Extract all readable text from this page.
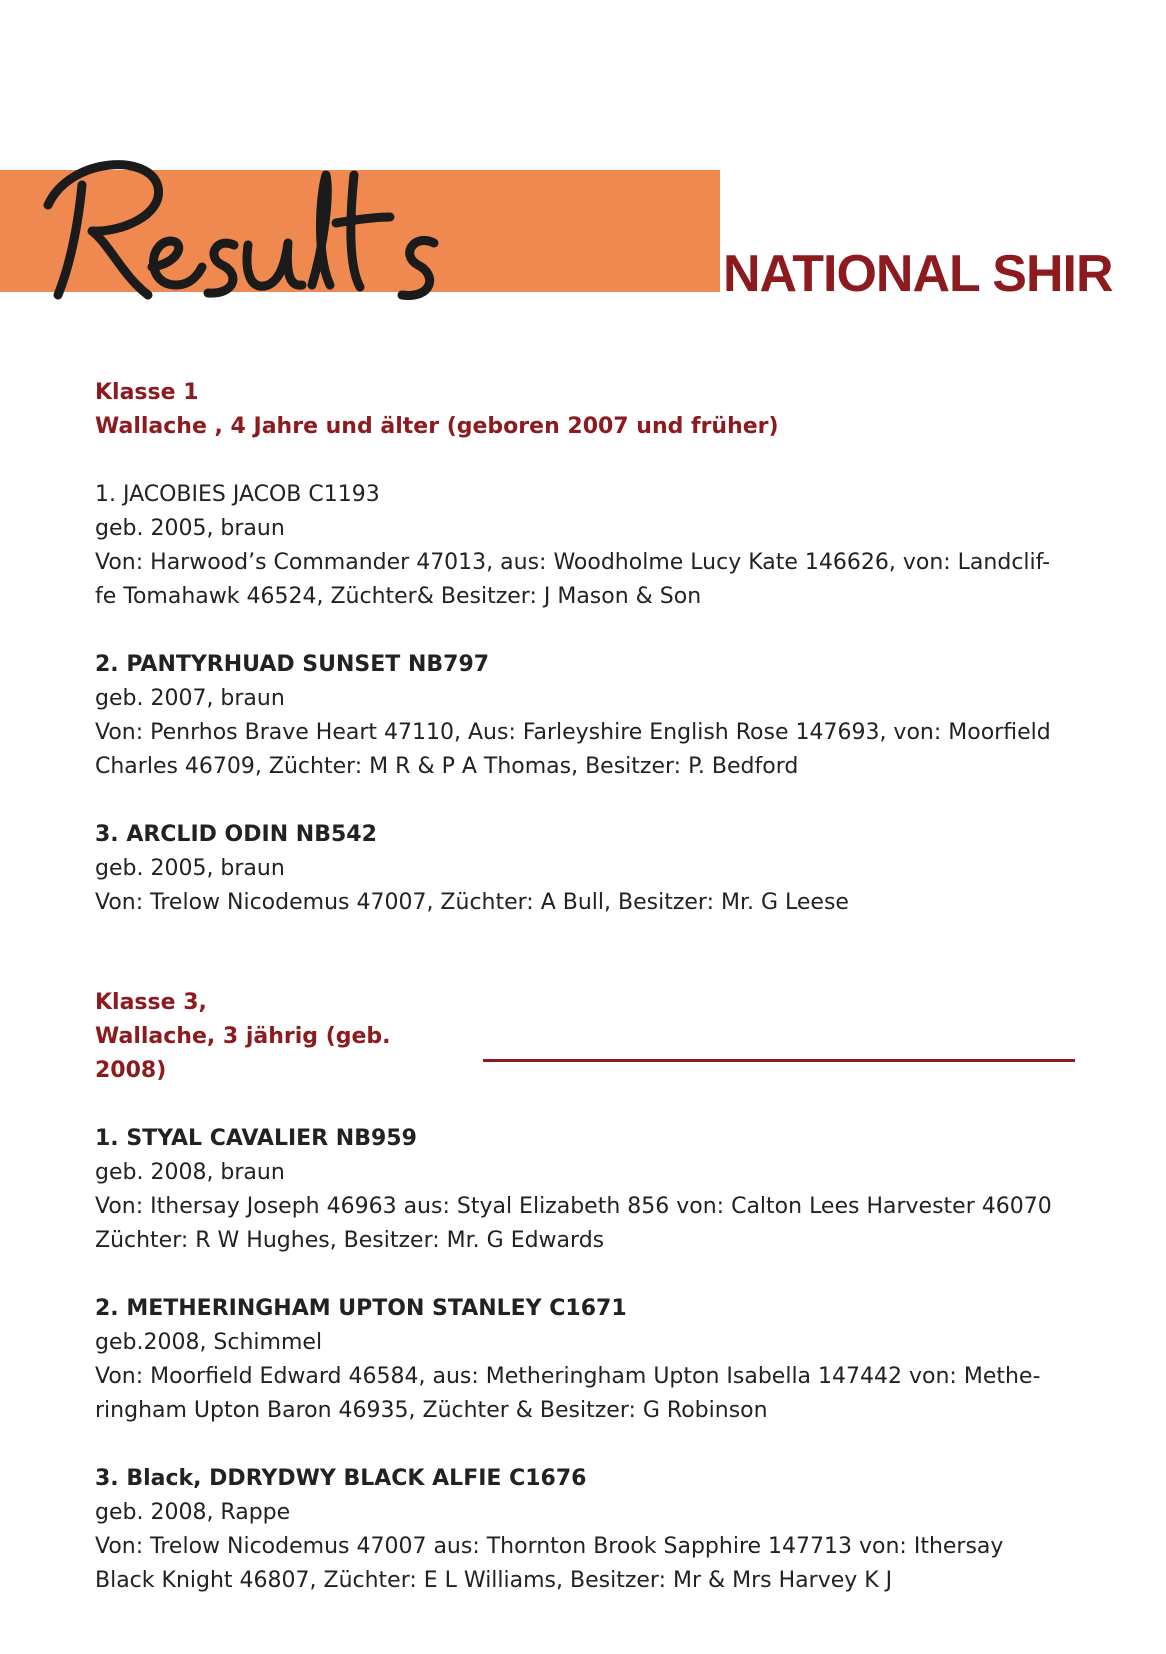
Results
NATIONAL SHIR
Klasse 1
Wallache , 4 Jahre und älter (geboren 2007 und früher)

1. JACOBIES JACOB C1193

geb. 2005, braun

Von: Harwood’s Commander 47013, aus: Woodholme Lucy Kate 146626, von: Landclif-

fe Tomahawk 46524, Züchter& Besitzer: J Mason & Son

2. PANTYRHUAD SUNSET NB797

geb. 2007, braun

Von: Penrhos Brave Heart 47110, Aus: Farleyshire English Rose 147693, von: Moorfield

Charles 46709, Züchter: M R & P A Thomas, Besitzer: P. Bedford

3. ARCLID ODIN NB542

geb. 2005, braun

Von: Trelow Nicodemus 47007, Züchter: A Bull, Besitzer: Mr. G Leese

Klasse 3,
Wallache, 3 jährig (geb. 2008)

1. STYAL CAVALIER NB959

geb. 2008, braun

Von: Ithersay Joseph 46963 aus: Styal Elizabeth 856 von: Calton Lees Harvester 46070

Züchter: R W Hughes, Besitzer: Mr. G Edwards

2. METHERINGHAM UPTON STANLEY C1671

geb.2008, Schimmel

Von: Moorfield Edward 46584, aus: Metheringham Upton Isabella 147442 von: Methe-

ringham Upton Baron 46935, Züchter & Besitzer: G Robinson

3. Black, DDRYDWY BLACK ALFIE C1676

geb. 2008, Rappe

Von: Trelow Nicodemus 47007 aus: Thornton Brook Sapphire 147713 von: Ithersay

Black Knight 46807, Züchter: E L Williams, Besitzer: Mr & Mrs Harvey K J
